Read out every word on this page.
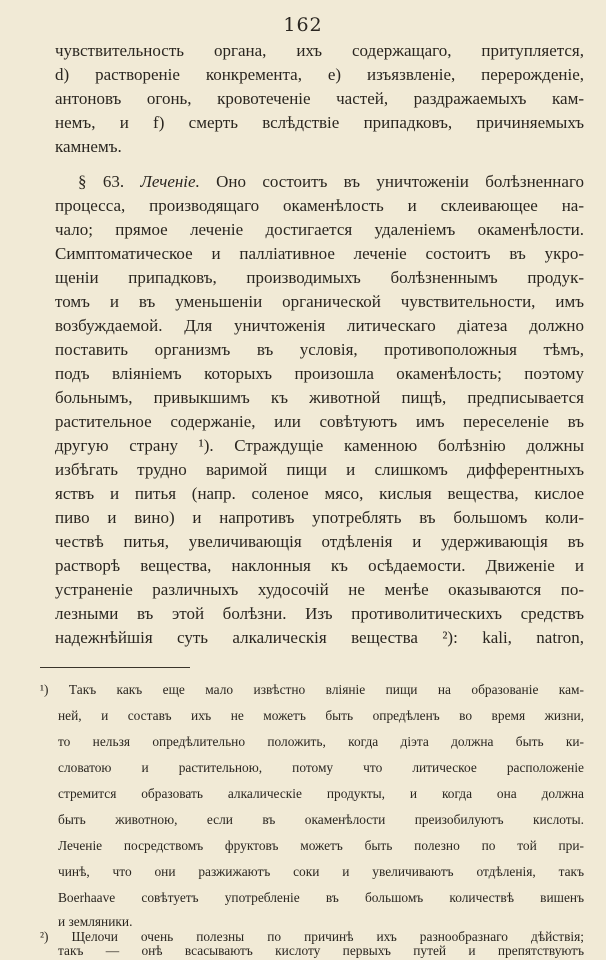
162
чувствительность органа, ихъ содержащаго, притупляется,
d) раствореніе конкремента, е) изъязвленіе, перерожденіе,
антоновъ огонь, кровотеченіе частей, раздражаемыхъ кам-
немъ, и f) смерть вслѣдствіе припадковъ, причиняемыхъ
камнемъ.
§ 63. Леченіе. Оно состоитъ въ уничтоженіи болѣзненнаго
процесса, производящаго окаменѣлость и склеивающее на-
чало; прямое леченіе достигается удаленіемъ окаменѣлости.
Симптоматическое и палліативное леченіе состоитъ въ укро-
щеніи припадковъ, производимыхъ болѣзненнымъ продук-
томъ и въ уменьшеніи органической чувствительности, имъ
возбуждаемой. Для уничтоженія литическаго діатеза должно
поставить организмъ въ условія, противоположныя тѣмъ,
подъ вліяніемъ которыхъ произошла окаменѣлость; поэтому
больнымъ, привыкшимъ къ животной пищѣ, предписывается
растительное содержаніе, или совѣтуютъ имъ переселеніе въ
другую страну ¹). Страждущіе каменною болѣзнію должны
избѣгать трудно варимой пищи и слишкомъ дифферентныхъ
яствъ и питья (напр. соленое мясо, кислыя вещества, кислое
пиво и вино) и напротивъ употреблять въ большомъ коли-
чествѣ питья, увеличивающія отдѣленія и удерживающія въ
растворѣ вещества, наклонныя къ осѣдаемости. Движеніе и
устраненіе различныхъ худосочій не менѣе оказываются по-
лезными въ этой болѣзни. Изъ противолитическихъ средствъ
надежнѣйшія суть алкалическія вещества ²): kali, natron,
¹) Такъ какъ еще мало извѣстно вліяніе пищи на образованіе кам-
ней, и составъ ихъ не можетъ быть опредѣленъ во время жизни,
то нельзя опредѣлительно положить, когда діэта должна быть ки-
словатою и растительною, потому что литическое расположеніе
стремится образовать алкалическіе продукты, и когда она должна
быть животною, если въ окаменѣлости преизобилуютъ кислоты.
Леченіе посредствомъ фруктовъ можетъ быть полезно по той при-
чинѣ, что они разжижаютъ соки и увеличиваютъ отдѣленія, такъ
Boerhaave совѣтуетъ употребленіе въ большомъ количествѣ вишенъ
и земляники.
²) Щелочи очень полезны по причинѣ ихъ разнообразнаго дѣйствія;
такъ — онѣ всасываютъ кислоту первыхъ путей и препятствуютъ
